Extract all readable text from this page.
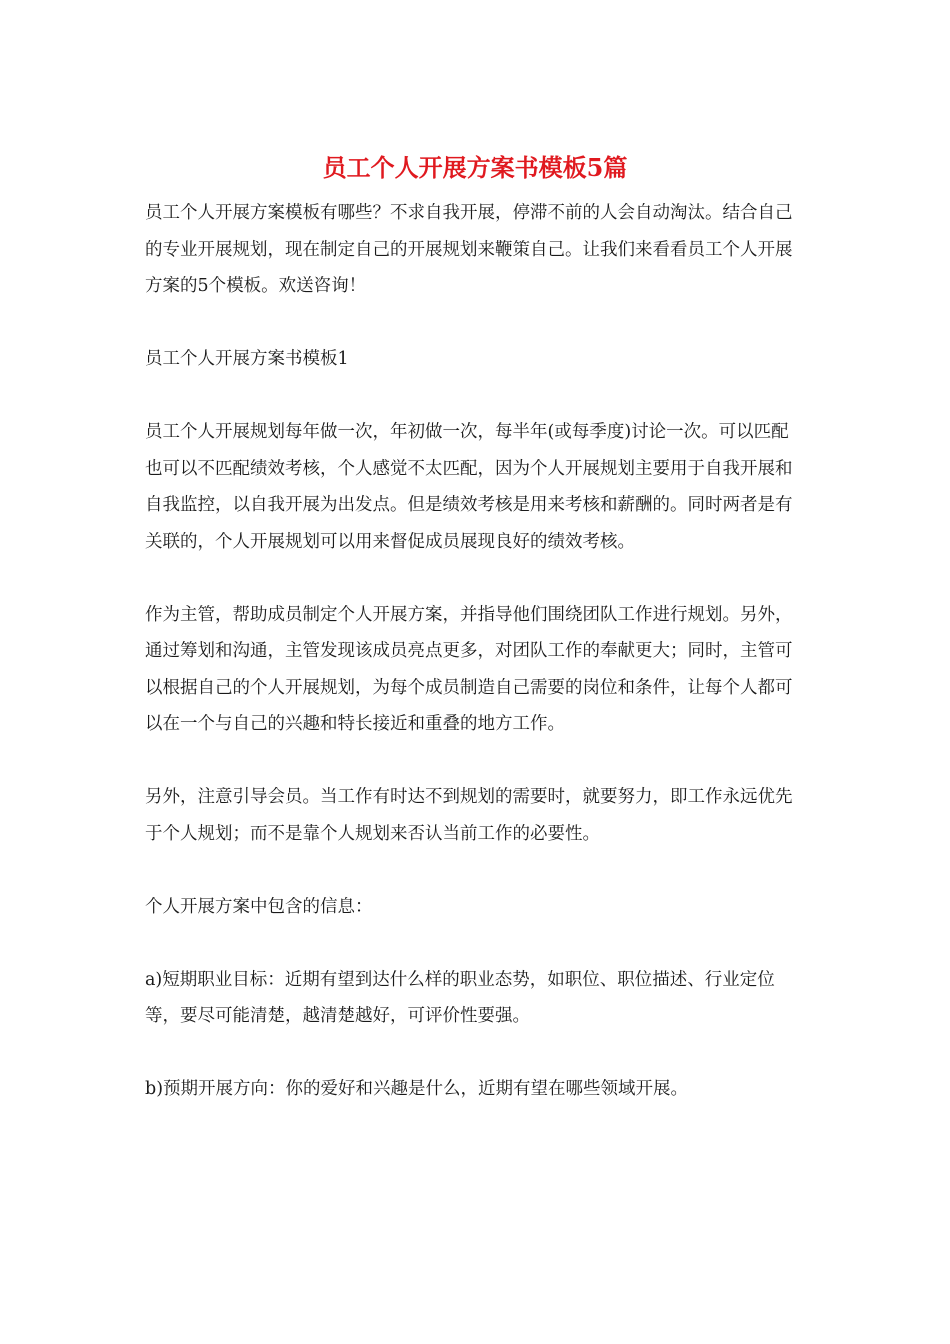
员工个人开展方案书模板5篇

员工个人开展方案模板有哪些？不求自我开展，停滞不前的人会自动淘汰。结合自己的专业开展规划，现在制定自己的开展规划来鞭策自己。让我们来看看员工个人开展方案的5个模板。欢送咨询！

员工个人开展方案书模板1

员工个人开展规划每年做一次，年初做一次，每半年(或每季度)讨论一次。可以匹配也可以不匹配绩效考核，个人感觉不太匹配，因为个人开展规划主要用于自我开展和自我监控，以自我开展为出发点。但是绩效考核是用来考核和薪酬的。同时两者是有关联的，个人开展规划可以用来督促成员展现良好的绩效考核。

作为主管，帮助成员制定个人开展方案，并指导他们围绕团队工作进行规划。另外，通过筹划和沟通，主管发现该成员亮点更多，对团队工作的奉献更大；同时，主管可以根据自己的个人开展规划，为每个成员制造自己需要的岗位和条件，让每个人都可以在一个与自己的兴趣和特长接近和重叠的地方工作。

另外，注意引导会员。当工作有时达不到规划的需要时，就要努力，即工作永远优先于个人规划；而不是靠个人规划来否认当前工作的必要性。

个人开展方案中包含的信息：

a)短期职业目标：近期有望到达什么样的职业态势，如职位、职位描述、行业定位等，要尽可能清楚，越清楚越好，可评价性要强。

b)预期开展方向：你的爱好和兴趣是什么，近期有望在哪些领域开展。
